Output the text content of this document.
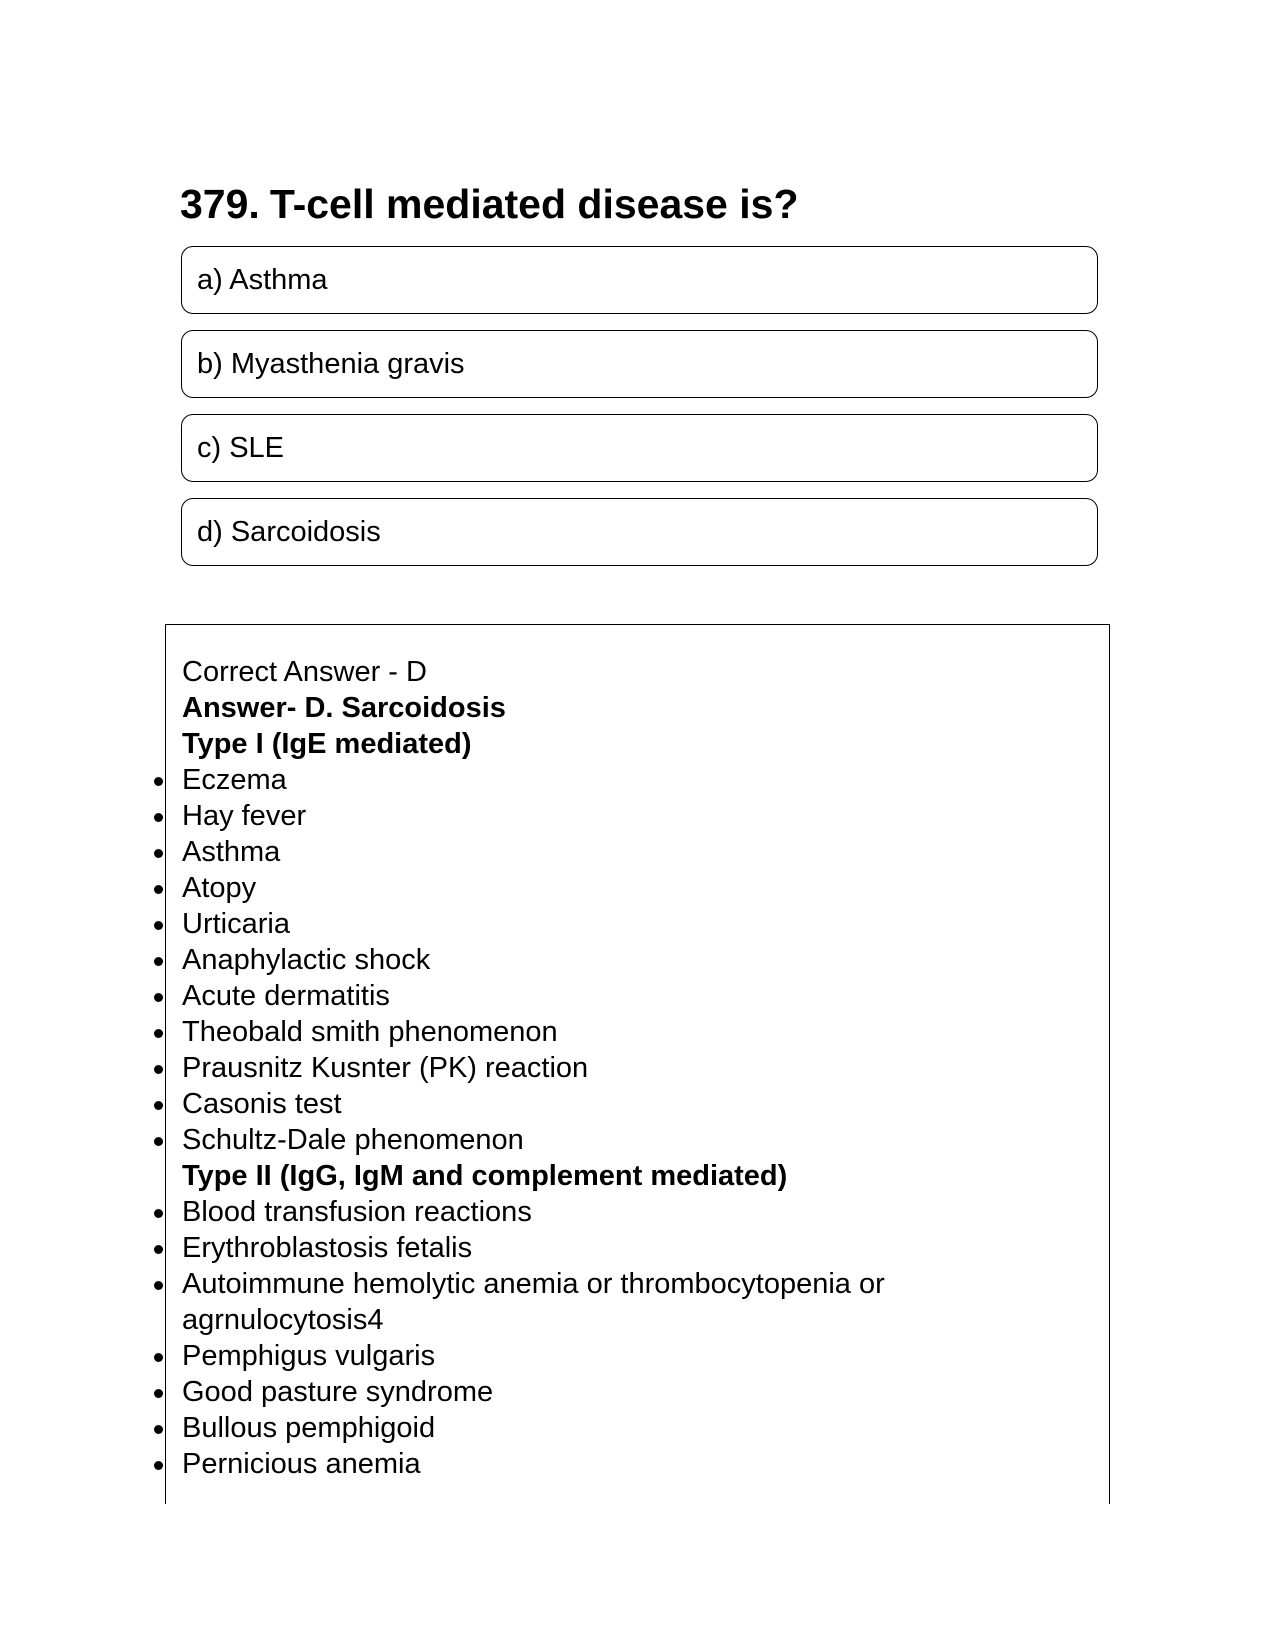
379. T-cell mediated disease is?
a) Asthma
b) Myasthenia gravis
c) SLE
d) Sarcoidosis

Correct Answer - D

Answer- D. Sarcoidosis

Type I (IgE mediated)

Eczema
Hay fever
Asthma
Atopy
Urticaria
Anaphylactic shock
Acute dermatitis
Theobald smith phenomenon
Prausnitz Kusnter (PK) reaction
Casonis test
Schultz-Dale phenomenon

Type II (IgG, IgM and complement mediated)

Blood transfusion reactions
Erythroblastosis fetalis
Autoimmune hemolytic anemia or thrombocytopenia or
agrnulocytosis4
Pemphigus vulgaris
Good pasture syndrome
Bullous pemphigoid
Pernicious anemia
